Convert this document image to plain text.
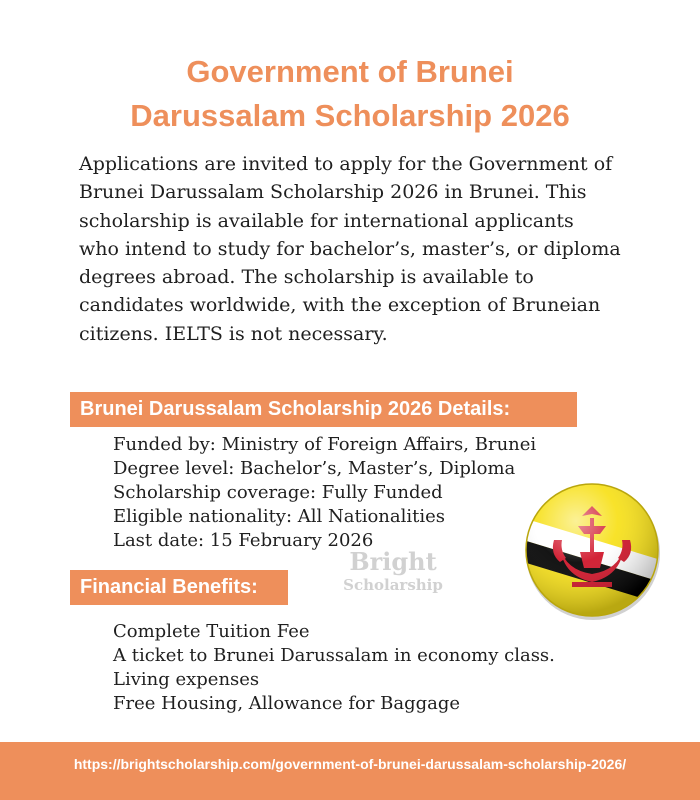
Government of Brunei
Darussalam Scholarship 2026

Applications are invited to apply for the Government of
Brunei Darussalam Scholarship 2026 in Brunei. This
scholarship is available for international applicants
who intend to study for bachelor’s, master’s, or diploma
degrees abroad. The scholarship is available to
candidates worldwide, with the exception of Bruneian
citizens. IELTS is not necessary.

Brunei Darussalam Scholarship 2026 Details:
Funded by: Ministry of Foreign Affairs, Brunei
Degree level: Bachelor’s, Master’s, Diploma
Scholarship coverage: Fully Funded
Eligible nationality: All Nationalities
Last date: 15 February 2026
Bright
Scholarship
Financial Benefits:
Complete Tuition Fee
A ticket to Brunei Darussalam in economy class.
Living expenses
Free Housing, Allowance for Baggage
https://brightscholarship.com/government-of-brunei-darussalam-scholarship-2026/
